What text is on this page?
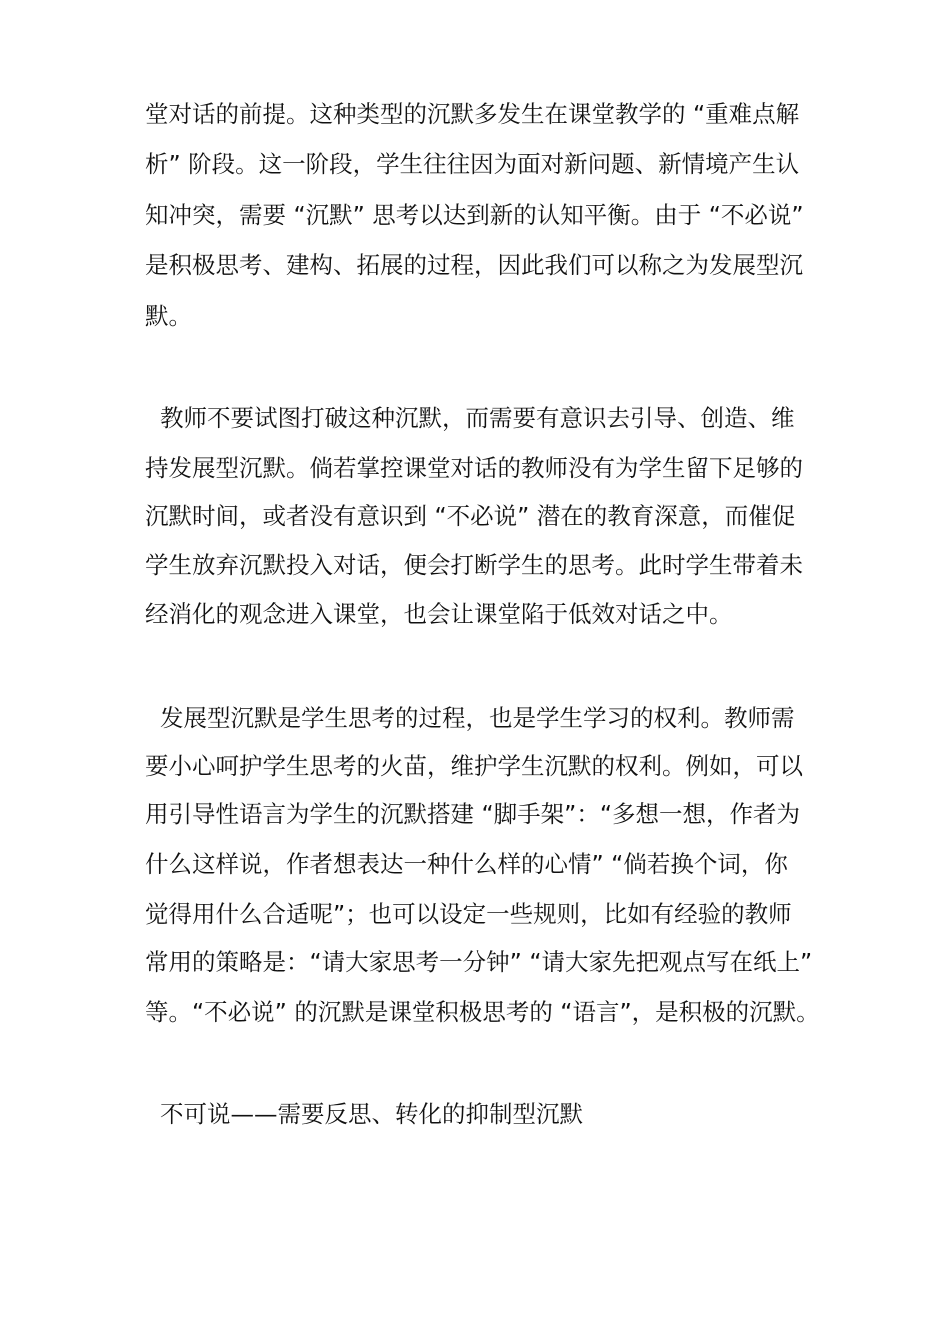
堂对话的前提。这种类型的沉默多发生在课堂教学的 “重难点解

析” 阶段。这一阶段，学生往往因为面对新问题、新情境产生认

知冲突，需要 “沉默” 思考以达到新的认知平衡。由于 “不必说”

是积极思考、建构、拓展的过程，因此我们可以称之为发展型沉

默。

教师不要试图打破这种沉默，而需要有意识去引导、创造、维

持发展型沉默。倘若掌控课堂对话的教师没有为学生留下足够的

沉默时间，或者没有意识到 “不必说” 潜在的教育深意，而催促

学生放弃沉默投入对话，便会打断学生的思考。此时学生带着未

经消化的观念进入课堂，也会让课堂陷于低效对话之中。

发展型沉默是学生思考的过程，也是学生学习的权利。教师需

要小心呵护学生思考的火苗，维护学生沉默的权利。例如，可以

用引导性语言为学生的沉默搭建 “脚手架”：“多想一想，作者为

什么这样说，作者想表达一种什么样的心情” “倘若换个词，你

觉得用什么合适呢”；也可以设定一些规则，比如有经验的教师

常用的策略是：“请大家思考一分钟” “请大家先把观点写在纸上”

等。“不必说” 的沉默是课堂积极思考的 “语言”，是积极的沉默。

不可说——需要反思、转化的抑制型沉默
